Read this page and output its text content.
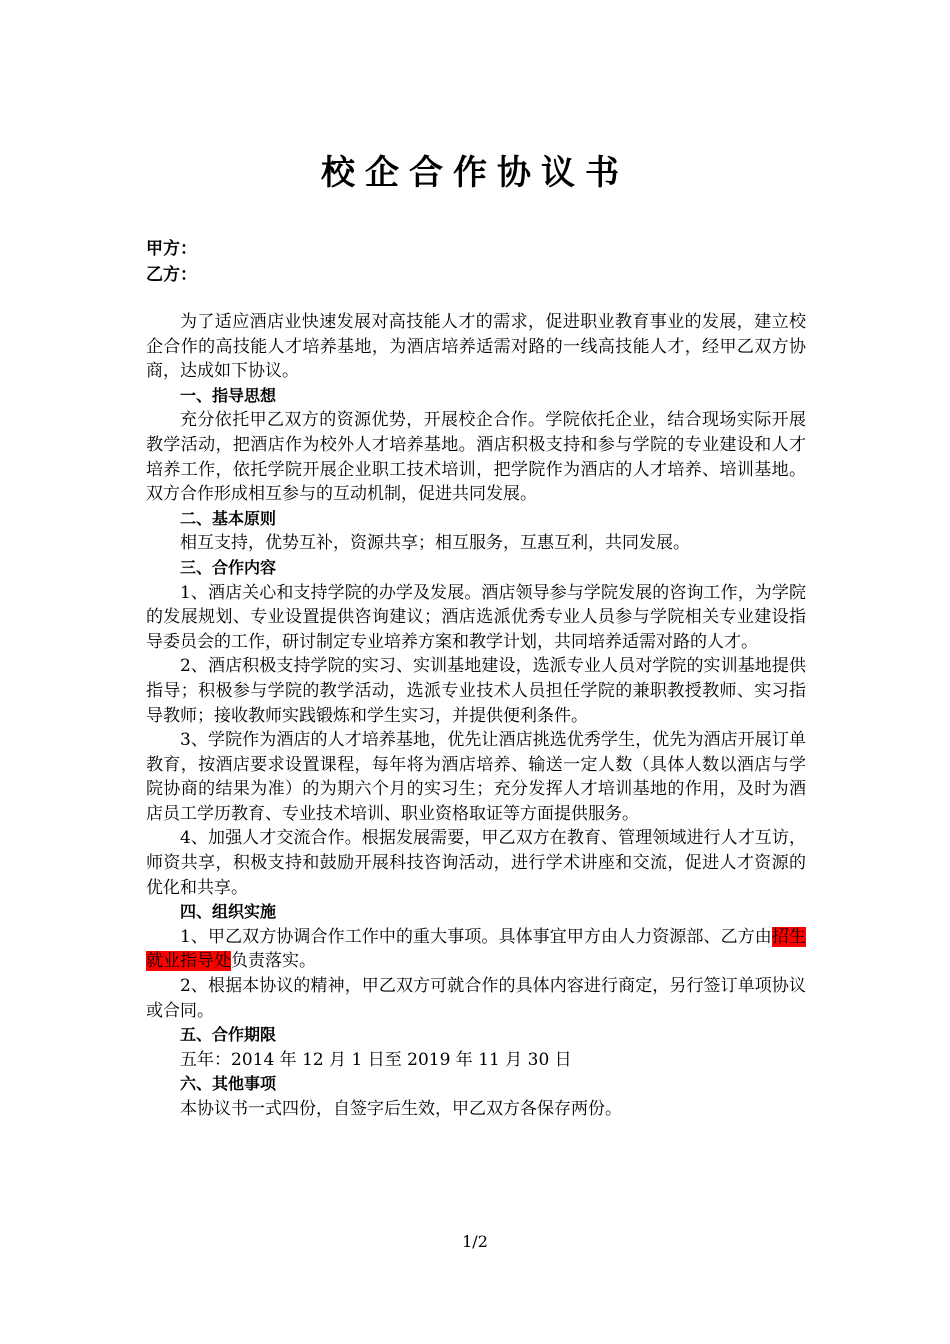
校企合作协议书
甲方：
乙方：

为了适应酒店业快速发展对高技能人才的需求，促进职业教育事业的发展，建立校企合作的高技能人才培养基地，为酒店培养适需对路的一线高技能人才，经甲乙双方协商，达成如下协议。

一、指导思想

充分依托甲乙双方的资源优势，开展校企合作。学院依托企业，结合现场实际开展教学活动，把酒店作为校外人才培养基地。酒店积极支持和参与学院的专业建设和人才培养工作，依托学院开展企业职工技术培训，把学院作为酒店的人才培养、培训基地。双方合作形成相互参与的互动机制，促进共同发展。

二、基本原则

相互支持，优势互补，资源共享；相互服务，互惠互利，共同发展。

三、合作内容

1、酒店关心和支持学院的办学及发展。酒店领导参与学院发展的咨询工作，为学院的发展规划、专业设置提供咨询建议；酒店选派优秀专业人员参与学院相关专业建设指导委员会的工作，研讨制定专业培养方案和教学计划，共同培养适需对路的人才。

2、酒店积极支持学院的实习、实训基地建设，选派专业人员对学院的实训基地提供指导；积极参与学院的教学活动，选派专业技术人员担任学院的兼职教授教师、实习指导教师；接收教师实践锻炼和学生实习，并提供便利条件。

3、学院作为酒店的人才培养基地，优先让酒店挑选优秀学生，优先为酒店开展订单教育，按酒店要求设置课程，每年将为酒店培养、输送一定人数（具体人数以酒店与学院协商的结果为准）的为期六个月的实习生；充分发挥人才培训基地的作用，及时为酒店员工学历教育、专业技术培训、职业资格取证等方面提供服务。

4、加强人才交流合作。根据发展需要，甲乙双方在教育、管理领域进行人才互访，师资共享，积极支持和鼓励开展科技咨询活动，进行学术讲座和交流，促进人才资源的优化和共享。

四、组织实施

1、甲乙双方协调合作工作中的重大事项。具体事宜甲方由人力资源部、乙方由招生就业指导处负责落实。

2、根据本协议的精神，甲乙双方可就合作的具体内容进行商定，另行签订单项协议或合同。

五、合作期限

五年：2014 年 12 月 1 日至 2019 年 11 月 30 日

六、其他事项

本协议书一式四份，自签字后生效，甲乙双方各保存两份。

1/2
